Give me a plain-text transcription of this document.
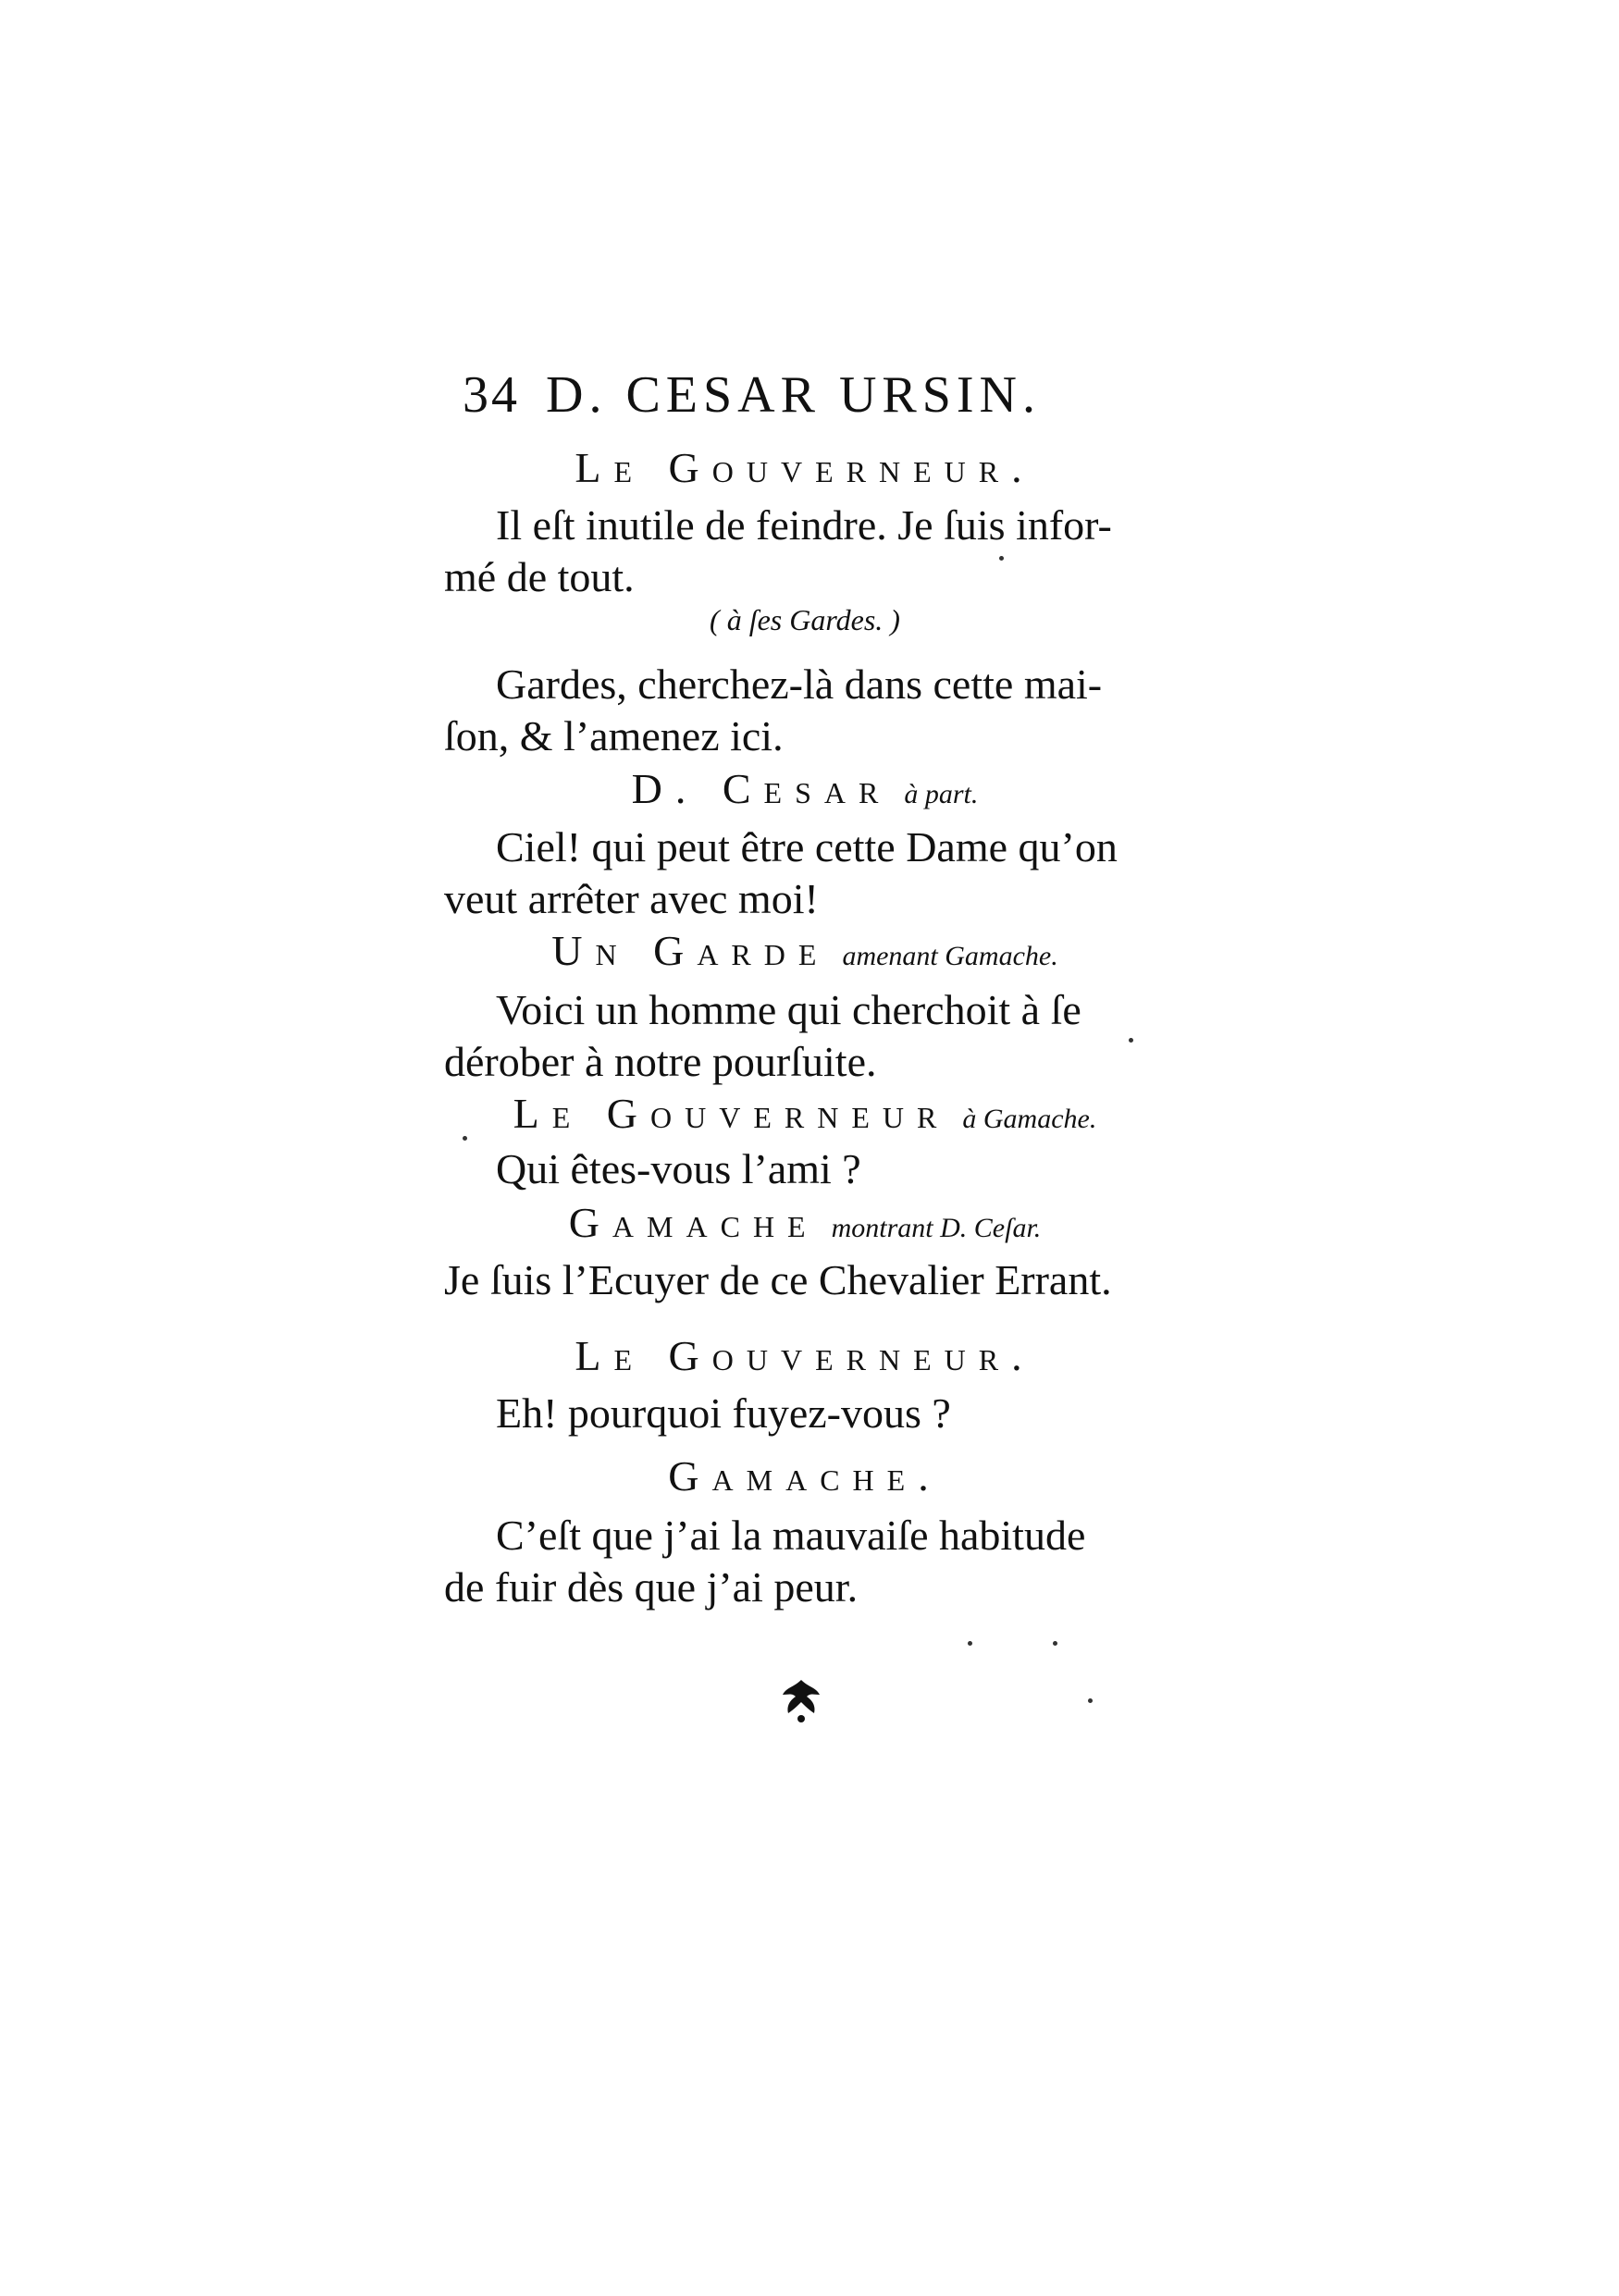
34 D. CESAR URSIN.
Le Gouverneur.
Il eſt inutile de feindre. Je ſuis infor-
mé de tout.
( à ſes Gardes. )
Gardes, cherchez-là dans cette mai-
ſon, & l’amenez ici.
D. Cesar à part.
Ciel! qui peut être cette Dame qu’on
veut arrêter avec moi!
Un Garde amenant Gamache.
Voici un homme qui cherchoit à ſe
dérober à notre pourſuite.
Le Gouverneur à Gamache.
Qui êtes-vous l’ami ?
Gamache montrant D. Ceſar.
Je ſuis l’Ecuyer de ce Chevalier Errant.
Le Gouverneur.
Eh! pourquoi fuyez-vous ?
Gamache.
C’eſt que j’ai la mauvaiſe habitude
de fuir dès que j’ai peur.
